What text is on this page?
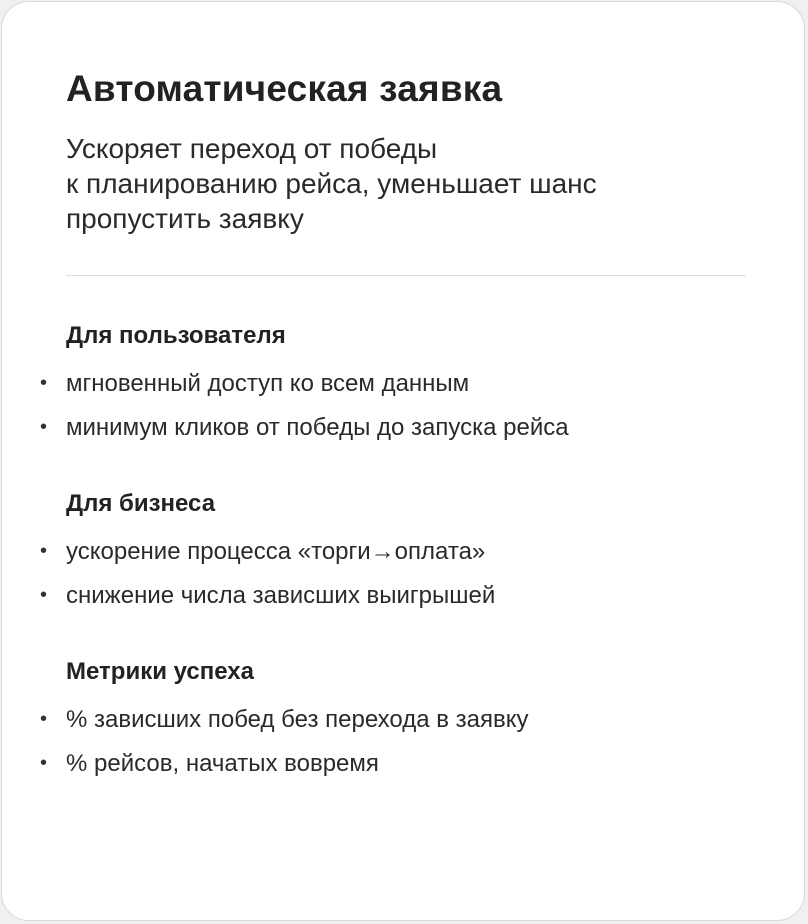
Автоматическая заявка
Ускоряет переход от победы
к планированию рейса, уменьшает шанс
пропустить заявку
Для пользователя
• мгновенный доступ ко всем данным
• минимум кликов от победы до запуска рейса
Для бизнеса
• ускорение процесса «торги→оплата»
• снижение числа зависших выигрышей
Метрики успеха
• % зависших побед без перехода в заявку
• % рейсов, начатых вовремя
